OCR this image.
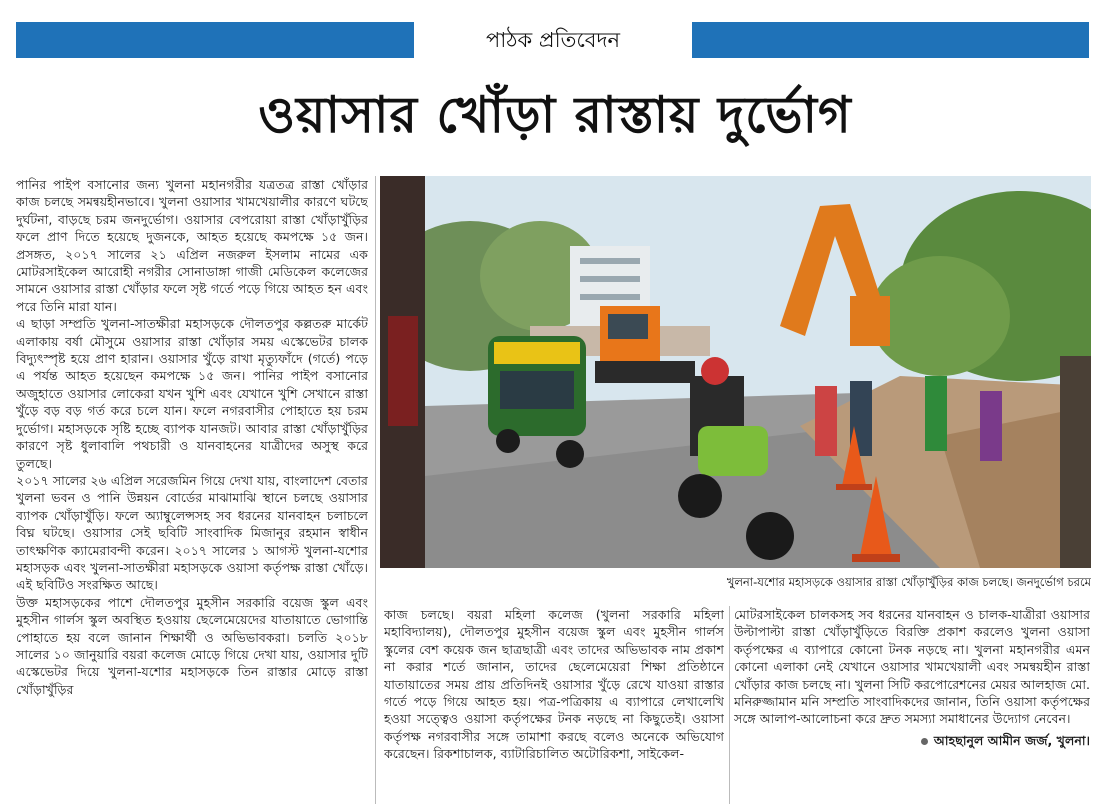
পাঠক প্রতিবেদন
ওয়াসার খোঁড়া রাস্তায় দুর্ভোগ

পানির পাইপ বসানোর জন্য খুলনা মহানগরীর যত্রতত্র রাস্তা খোঁড়ার কাজ চলছে সমন্বয়হীনভাবে। খুলনা ওয়াসার খামখেয়ালীর কারণে ঘটছে দুর্ঘটনা, বাড়ছে চরম জনদুর্ভোগ। ওয়াসার বেপরোয়া রাস্তা খোঁড়াখুঁড়ির ফলে প্রাণ দিতে হয়েছে দুজনকে, আহত হয়েছে কমপক্ষে ১৫ জন। প্রসঙ্গত, ২০১৭ সালের ২১ এপ্রিল নজরুল ইসলাম নামের এক মোটরসাইকেল আরোহী নগরীর সোনাডাঙ্গা গাজী মেডিকেল কলেজের সামনে ওয়াসার রাস্তা খোঁড়ার ফলে সৃষ্ট গর্তে পড়ে গিয়ে আহত হন এবং পরে তিনি মারা যান।

এ ছাড়া সম্প্রতি খুলনা-সাতক্ষীরা মহাসড়কে দৌলতপুর কল্লতরু মার্কেট এলাকায় বর্ষা মৌসুমে ওয়াসার রাস্তা খোঁড়ার সময় এস্কেভেটর চালক বিদ্যুৎস্পৃষ্ট হয়ে প্রাণ হারান। ওয়াসার খুঁড়ে রাখা মৃত্যুফাঁদে (গর্তে) পড়ে এ পর্যন্ত আহত হয়েছেন কমপক্ষে ১৫ জন। পানির পাইপ বসানোর অজুহাতে ওয়াসার লোকেরা যখন খুশি এবং যেখানে খুশি সেখানে রাস্তা খুঁড়ে বড় বড় গর্ত করে চলে যান। ফলে নগরবাসীর পোহাতে হয় চরম দুর্ভোগ। মহাসড়কে সৃষ্টি হচ্ছে ব্যাপক যানজট। আবার রাস্তা খোঁড়াখুঁড়ির কারণে সৃষ্ট ধুলাবালি পথচারী ও যানবাহনের যাত্রীদের অসুস্থ করে তুলছে।

২০১৭ সালের ২৬ এপ্রিল সরেজমিন গিয়ে দেখা যায়, বাংলাদেশ বেতার খুলনা ভবন ও পানি উন্নয়ন বোর্ডের মাঝামাঝি স্থানে চলছে ওয়াসার ব্যাপক খোঁড়াখুঁড়ি। ফলে অ্যাম্বুলেন্সসহ সব ধরনের যানবাহন চলাচলে বিঘ্ন ঘটছে। ওয়াসার সেই ছবিটি সাংবাদিক মিজানুর রহমান স্বাধীন তাৎক্ষণিক ক্যামেরাবন্দী করেন। ২০১৭ সালের ১ আগস্ট খুলনা-যশোর মহাসড়ক এবং খুলনা-সাতক্ষীরা মহাসড়কে ওয়াসা কর্তৃপক্ষ রাস্তা খোঁড়ে। এই ছবিটিও সংরক্ষিত আছে।

উক্ত মহাসড়কের পাশে দৌলতপুর মুহসীন সরকারি বয়েজ স্কুল এবং মুহসীন গার্লস স্কুল অবস্থিত হওয়ায় ছেলেমেয়েদের যাতায়াতে ভোগান্তি পোহাতে হয় বলে জানান শিক্ষার্থী ও অভিভাবকরা। চলতি ২০১৮ সালের ১০ জানুয়ারি বয়রা কলেজ মোড়ে গিয়ে দেখা যায়, ওয়াসার দুটি এস্কেভেটর দিয়ে খুলনা-যশোর মহাসড়কে তিন রাস্তার মোড়ে রাস্তা খোঁড়াখুঁড়ির

খুলনা-যশোর মহাসড়কে ওয়াসার রাস্তা খোঁড়াখুঁড়ির কাজ চলছে। জনদুর্ভোগ চরমে

কাজ চলছে। বয়রা মহিলা কলেজ (খুলনা সরকারি মহিলা মহাবিদ্যালয়), দৌলতপুর মুহসীন বয়েজ স্কুল এবং মুহসীন গার্লস স্কুলের বেশ কয়েক জন ছাত্রছাত্রী এবং তাদের অভিভাবক নাম প্রকাশ না করার শর্তে জানান, তাদের ছেলেমেয়েরা শিক্ষা প্রতিষ্ঠানে যাতায়াতের সময় প্রায় প্রতিদিনই ওয়াসার খুঁড়ে রেখে যাওয়া রাস্তার গর্তে পড়ে গিয়ে আহত হয়। পত্র-পত্রিকায় এ ব্যাপারে লেখালেখি হওয়া সত্ত্বেও ওয়াসা কর্তৃপক্ষের টনক নড়ছে না কিছুতেই। ওয়াসা কর্তৃপক্ষ নগরবাসীর সঙ্গে তামাশা করছে বলেও অনেকে অভিযোগ করেছেন। রিকশাচালক, ব্যাটারিচালিত অটোরিকশা, সাইকেল-

মোটরসাইকেল চালকসহ সব ধরনের যানবাহন ও চালক-যাত্রীরা ওয়াসার উল্টাপাল্টা রাস্তা খোঁড়াখুঁড়িতে বিরক্তি প্রকাশ করলেও খুলনা ওয়াসা কর্তৃপক্ষের এ ব্যাপারে কোনো টনক নড়ছে না। খুলনা মহানগরীর এমন কোনো এলাকা নেই যেখানে ওয়াসার খামখেয়ালী এবং সমন্বয়হীন রাস্তা খোঁড়ার কাজ চলছে না। খুলনা সিটি করপোরেশনের মেয়র আলহাজ মো. মনিরুজ্জামান মনি সম্প্রতি সাংবাদিকদের জানান, তিনি ওয়াসা কর্তৃপক্ষের সঙ্গে আলাপ-আলোচনা করে দ্রুত সমস্যা সমাধানের উদ্যোগ নেবেন।

আহছানুল আমীন জর্জ, খুলনা।
